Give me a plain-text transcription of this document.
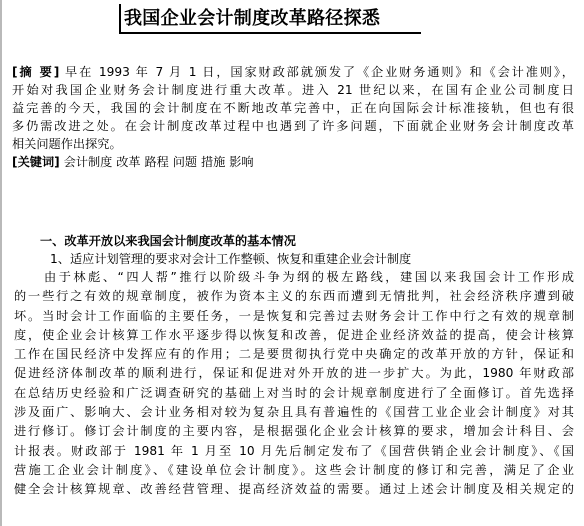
我国企业会计制度改革路径探悉
[摘 要] 早在 1993 年 7 月 1 日，国家财政部就颁发了《企业财务通则》和《会计准则》，
开始对我国企业财务会计制度进行重大改革。进入 21 世纪以来，在国有企业公司制度日
益完善的今天，我国的会计制度在不断地改革完善中，正在向国际会计标准接轨，但也有很
多仍需改进之处。在会计制度改革过程中也遇到了许多问题，下面就企业财务会计制度改革
相关问题作出探究。
[关键词] 会计制度 改革 路程 问题 措施 影响
一、改革开放以来我国会计制度改革的基本情况
1、适应计划管理的要求对会计工作整顿、恢复和重建企业会计制度
由于林彪、“四人帮”推行以阶级斗争为纲的极左路线，建国以来我国会计工作形成
的一些行之有效的规章制度，被作为资本主义的东西而遭到无情批判，社会经济秩序遭到破
坏。当时会计工作面临的主要任务，一是恢复和完善过去财务会计工作中行之有效的规章制
度，使企业会计核算工作水平逐步得以恢复和改善，促进企业经济效益的提高，使会计核算
工作在国民经济中发挥应有的作用；二是要贯彻执行党中央确定的改革开放的方针，保证和
促进经济体制改革的顺利进行，保证和促进对外开放的进一步扩大。为此，1980 年财政部
在总结历史经验和广泛调查研究的基础上对当时的会计规章制度进行了全面修订。首先选择
涉及面广、影响大、会计业务相对较为复杂且具有普遍性的《国营工业企业会计制度》对其
进行修订。修订会计制度的主要内容，是根据强化企业会计核算的要求，增加会计科目、会
计报表。财政部于 1981 年 1 月至 10 月先后制定发布了《国营供销企业会计制度》、《国
营施工企业会计制度》、《建设单位会计制度》。这些会计制度的修订和完善，满足了企业
健全会计核算规章、改善经营管理、提高经济效益的需要。通过上述会计制度及相关规定的
